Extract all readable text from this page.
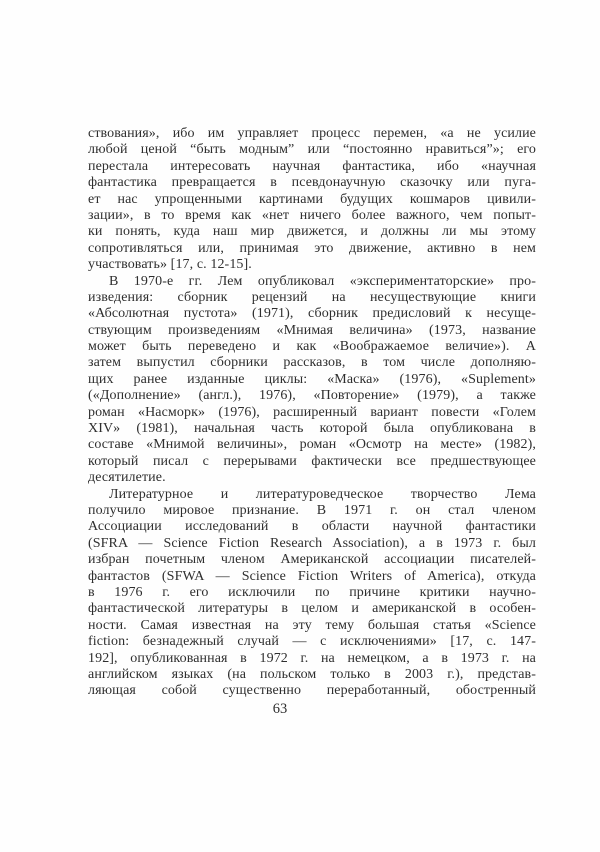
ствования», ибо им управляет процесс перемен, «а не усилие
любой ценой “быть модным” или “постоянно нравиться”»; его
перестала интересовать научная фантастика, ибо «научная
фантастика превращается в псевдонаучную сказочку или пуга-
ет нас упрощенными картинами будущих кошмаров цивили-
зации», в то время как «нет ничего более важного, чем попыт-
ки понять, куда наш мир движется, и должны ли мы этому
сопротивляться или, принимая это движение, активно в нем
участвовать» [17, с. 12-15].
В 1970-е гг. Лем опубликовал «экспериментаторские» про-
изведения: сборник рецензий на несуществующие книги
«Абсолютная пустота» (1971), сборник предисловий к несуще-
ствующим произведениям «Мнимая величина» (1973, название
может быть переведено и как «Воображаемое величие»). А
затем выпустил сборники рассказов, в том числе дополняю-
щих ранее изданные циклы: «Маска» (1976), «Suplement»
(«Дополнение» (англ.), 1976), «Повторение» (1979), а также
роман «Насморк» (1976), расширенный вариант повести «Голем
XIV» (1981), начальная часть которой была опубликована в
составе «Мнимой величины», роман «Осмотр на месте» (1982),
который писал с перерывами фактически все предшествующее
десятилетие.
Литературное и литературоведческое творчество Лема
получило мировое признание. В 1971 г. он стал членом
Ассоциации исследований в области научной фантастики
(SFRA — Science Fiction Research Association), а в 1973 г. был
избран почетным членом Американской ассоциации писателей-
фантастов (SFWA — Science Fiction Writers of America), откуда
в 1976 г. его исключили по причине критики научно-
фантастической литературы в целом и американской в особен-
ности. Самая известная на эту тему большая статья «Science
fiction: безнадежный случай — с исключениями» [17, с. 147-
192], опубликованная в 1972 г. на немецком, а в 1973 г. на
английском языках (на польском только в 2003 г.), представ-
ляющая собой существенно переработанный, обостренный
63
